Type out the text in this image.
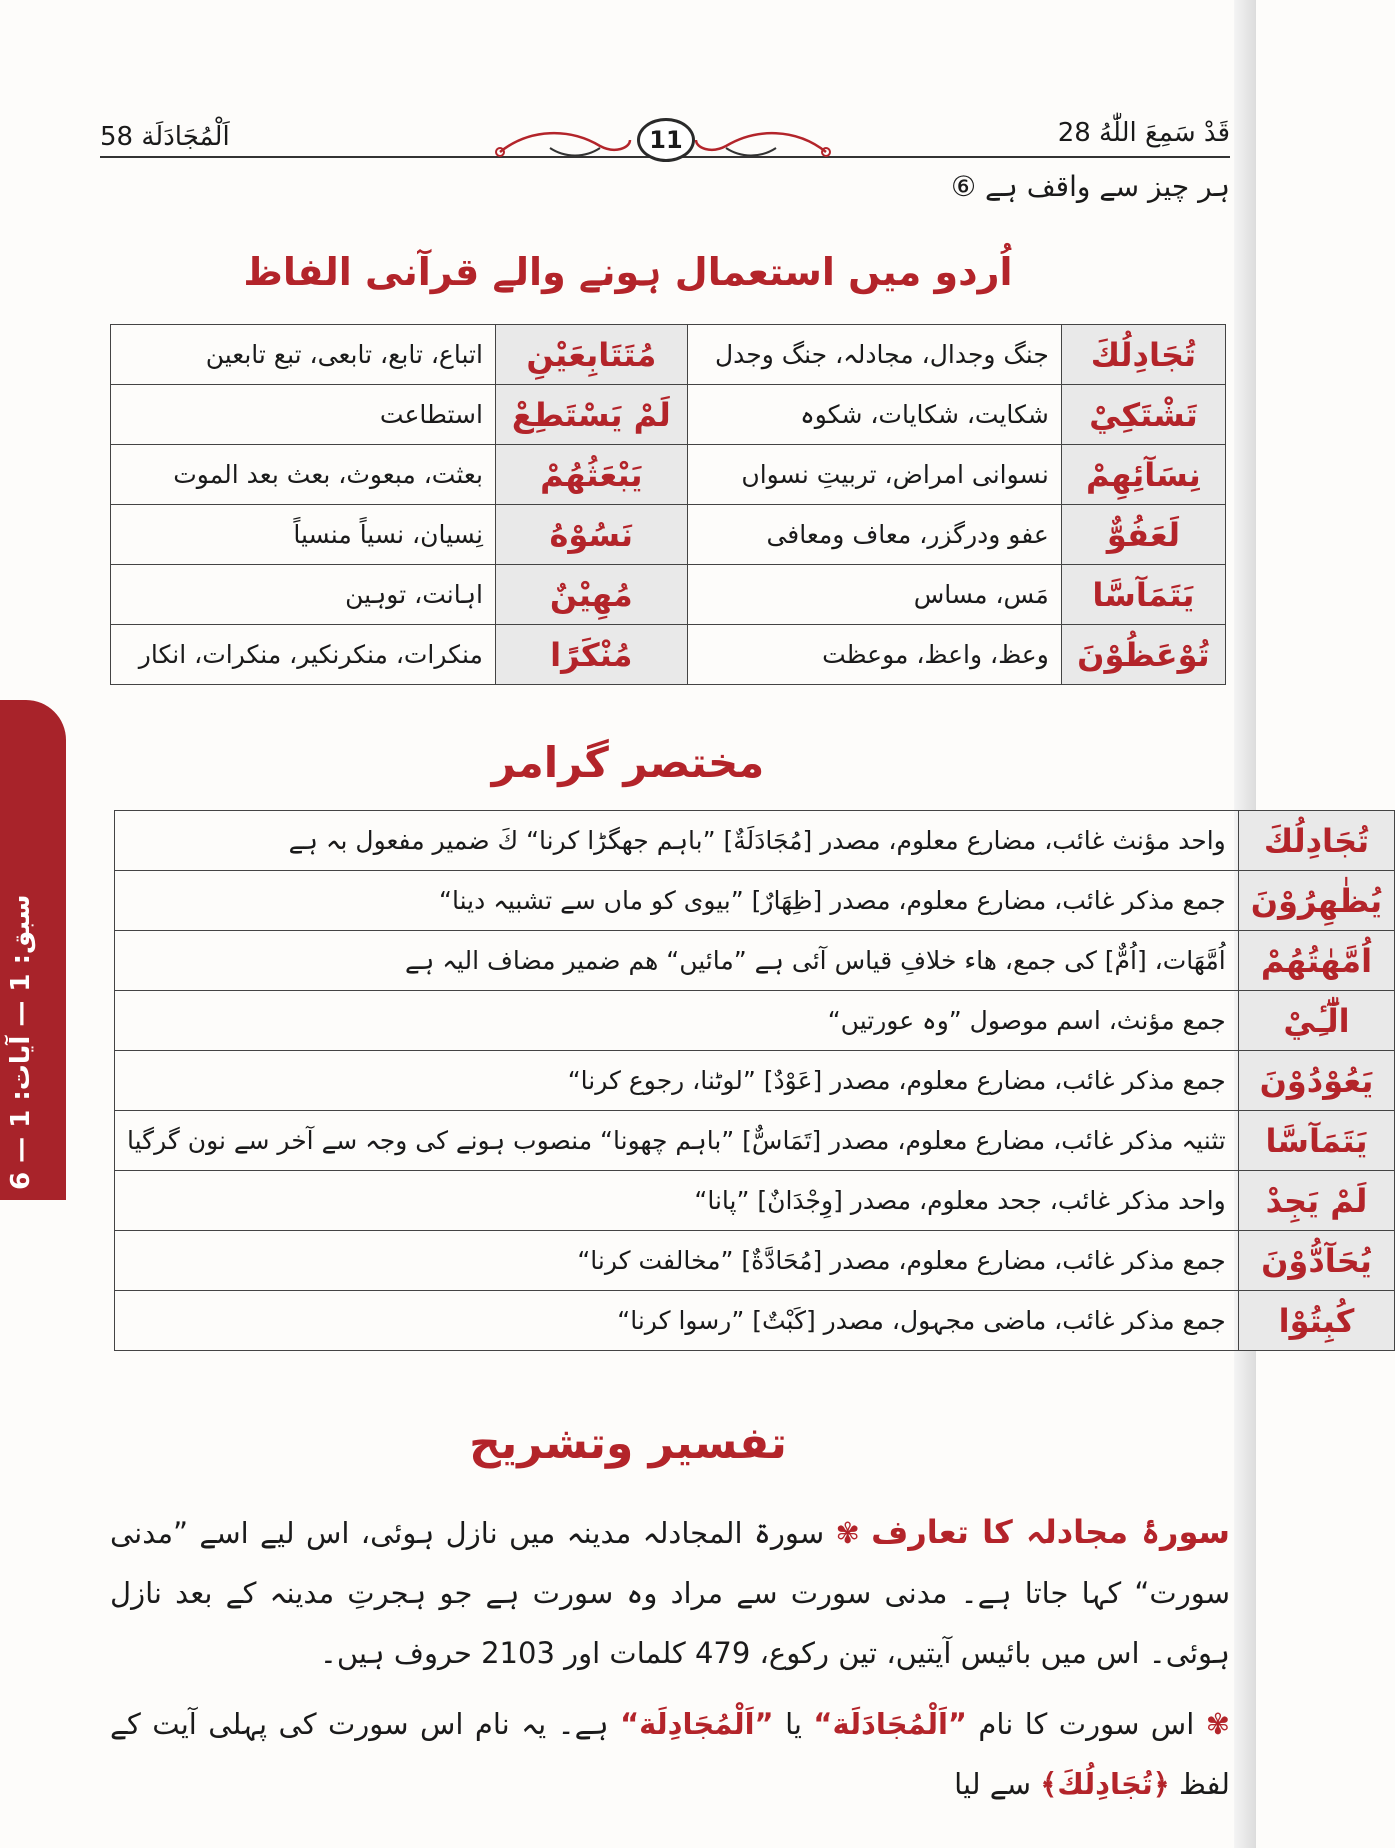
اَلْمُجَادَلَة 58	قَدْ سَمِعَ اللّٰهُ 28
11
ہر چیز سے واقف ہے ⑥
اُردو میں استعمال ہونے والے قرآنی الفاظ
تُجَادِلُكَ	جنگ وجدال، مجادلہ، جنگ وجدل	مُتَتَابِعَيْنِ	اتباع، تابع، تابعی، تبع تابعین
تَشْتَكِيْ	شکایت، شکایات، شکوہ	لَمْ يَسْتَطِعْ	استطاعت
نِسَآئِهِمْ	نسوانی امراض، تربیتِ نسواں	يَبْعَثُهُمْ	بعثت، مبعوث، بعث بعد الموت
لَعَفُوٌّ	عفو ودرگزر، معاف ومعافی	نَسُوْهُ	نِسیان، نسیاً منسیاً
يَتَمَآسَّا	مَس، مساس	مُهِيْنٌ	اہانت، توہین
تُوْعَظُوْنَ	وعظ، واعظ، موعظت	مُنْكَرًا	منکرات، منکرنکیر، منکرات، انکار
مختصر گرامر
تُجَادِلُكَ	واحد مؤنث غائب، مضارع معلوم، مصدر [مُجَادَلَةٌ] ”باہم جھگڑا کرنا“ كَ ضمیر مفعول بہ ہے
يُظٰهِرُوْنَ	جمع مذکر غائب، مضارع معلوم، مصدر [ظِهَارٌ] ”بیوی کو ماں سے تشبیہ دینا“
اُمَّهٰتُهُمْ	اُمَّهَات، [اُمٌّ] کی جمع، ھاء خلافِ قیاس آئی ہے ”مائیں“ ھم ضمیر مضاف الیہ ہے
الّٰٓـِٔيْ	جمع مؤنث، اسم موصول ”وہ عورتیں“
يَعُوْدُوْنَ	جمع مذکر غائب، مضارع معلوم، مصدر [عَوْدٌ] ”لوٹنا، رجوع کرنا“
يَتَمَآسَّا	تثنیہ مذکر غائب، مضارع معلوم، مصدر [تَمَاسٌّ] ”باہم چھونا“ منصوب ہونے کی وجہ سے آخر سے نون گرگیا
لَمْ يَجِدْ	واحد مذکر غائب، جحد معلوم، مصدر [وِجْدَانٌ] ”پانا“
يُحَآدُّوْنَ	جمع مذکر غائب، مضارع معلوم، مصدر [مُحَادَّةٌ] ”مخالفت کرنا“
كُبِتُوْا	جمع مذکر غائب، ماضی مجہول، مصدر [كَبْتٌ] ”رسوا کرنا“
سبق: 1 — آیات: 1 — 6
تفسیر وتشریح
سورۂ مجادلہ کا تعارف ✾ سورۃ المجادلہ مدینہ میں نازل ہوئی، اس لیے اسے ”مدنی سورت“ کہا جاتا ہے۔ مدنی سورت سے مراد وہ سورت ہے جو ہجرتِ مدینہ کے بعد نازل ہوئی۔ اس میں بائیس آیتیں، تین رکوع، 479 کلمات اور 2103 حروف ہیں۔
✾ اس سورت کا نام ”اَلْمُجَادَلَة“ یا ”اَلْمُجَادِلَة“ ہے۔ یہ نام اس سورت کی پہلی آیت کے لفظ ﴿تُجَادِلُكَ﴾ سے لیا
